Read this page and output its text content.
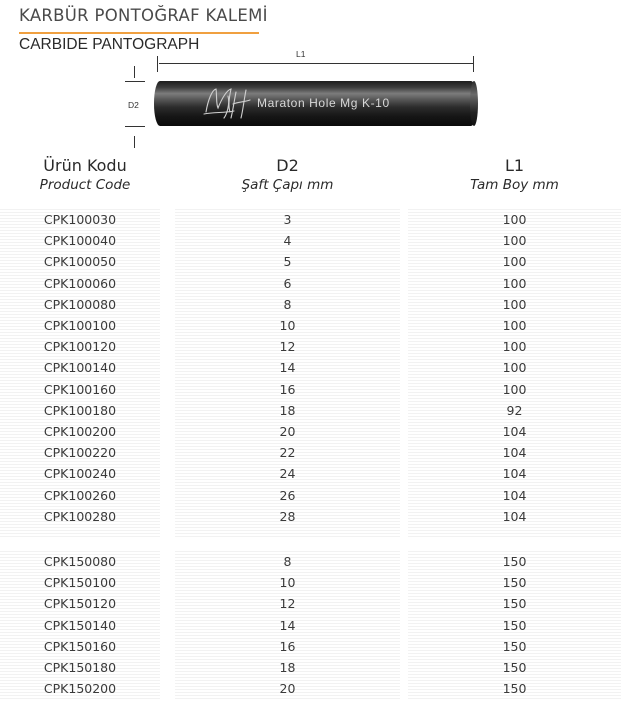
KARBÜR PONTOĞRAF KALEMİ
CARBIDE PANTOGRAPH
L1
D2	Maraton Hole Mg K-10
Ürün Kodu
Product Code
D2
Şaft Çapı mm
L1
Tam Boy mm
CPK100030	3	100
CPK100040	4	100
CPK100050	5	100
CPK100060	6	100
CPK100080	8	100
CPK100100	10	100
CPK100120	12	100
CPK100140	14	100
CPK100160	16	100
CPK100180	18	92
CPK100200	20	104
CPK100220	22	104
CPK100240	24	104
CPK100260	26	104
CPK100280	28	104
CPK150080	8	150
CPK150100	10	150
CPK150120	12	150
CPK150140	14	150
CPK150160	16	150
CPK150180	18	150
CPK150200	20	150
